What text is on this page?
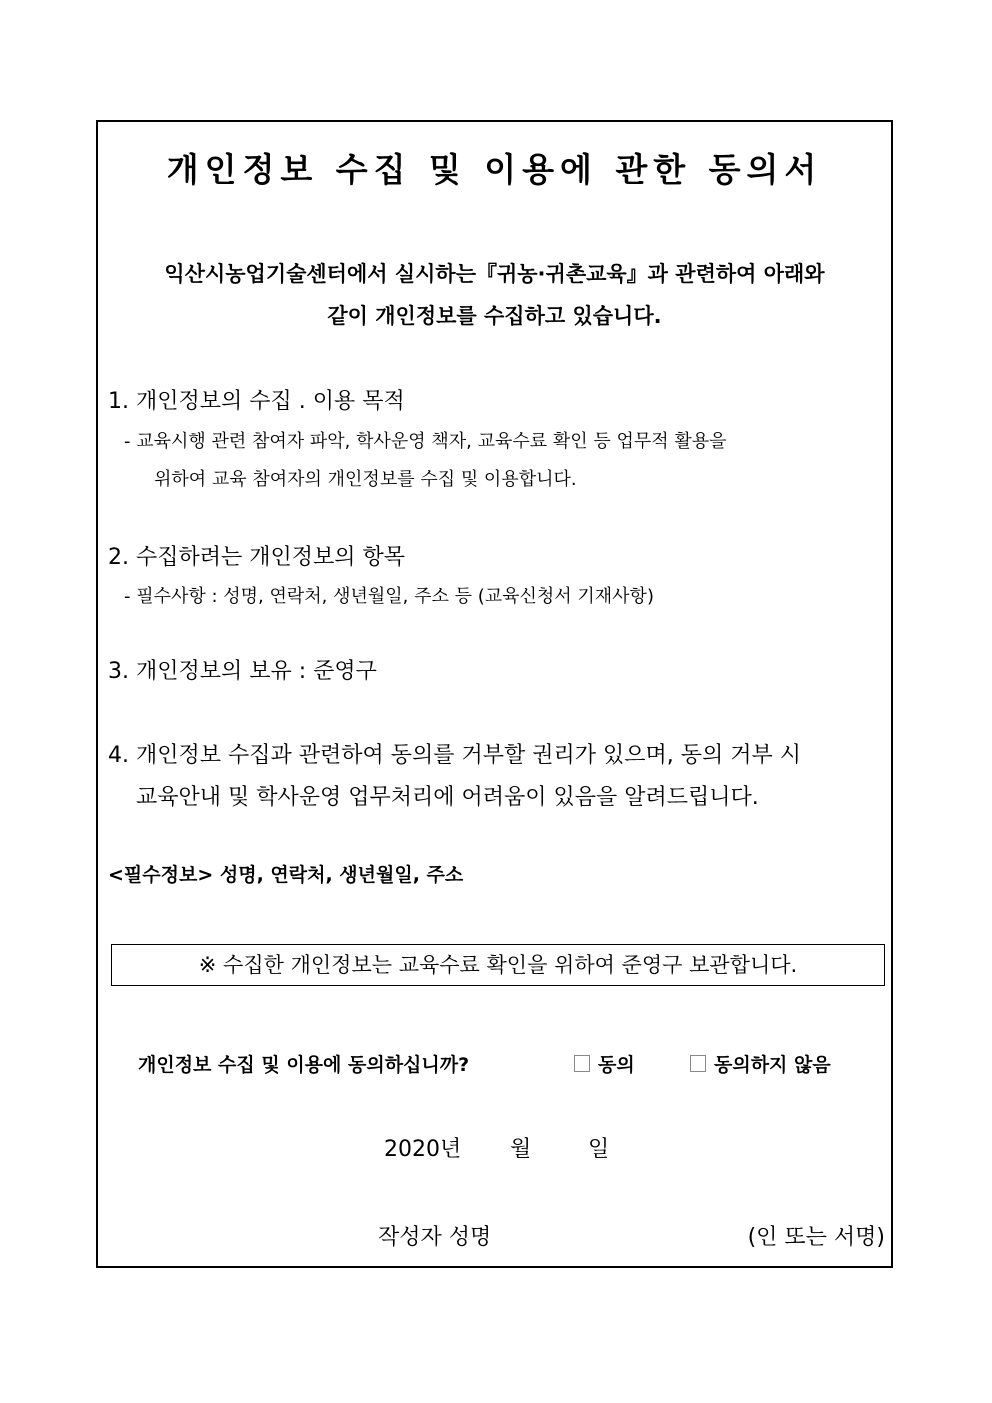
개인정보 수집 및 이용에 관한 동의서
익산시농업기술센터에서 실시하는『귀농·귀촌교육』과 관련하여 아래와
같이 개인정보를 수집하고 있습니다.
1. 개인정보의 수집 . 이용 목적
- 교육시행 관련 참여자 파악, 학사운영 책자, 교육수료 확인 등 업무적 활용을
위하여 교육 참여자의 개인정보를 수집 및 이용합니다.
2. 수집하려는 개인정보의 항목
- 필수사항 : 성명, 연락처, 생년월일, 주소 등 (교육신청서 기재사항)
3. 개인정보의 보유 : 준영구
4. 개인정보 수집과 관련하여 동의를 거부할 권리가 있으며, 동의 거부 시
교육안내 및 학사운영 업무처리에 어려움이 있음을 알려드립니다.
<필수정보> 성명, 연락처, 생년월일, 주소
※ 수집한 개인정보는 교육수료 확인을 위하여 준영구 보관합니다.
개인정보 수집 및 이용에 동의하십니까?	동의	동의하지 않음
2020년 월	일
작성자 성명	(인 또는 서명)
